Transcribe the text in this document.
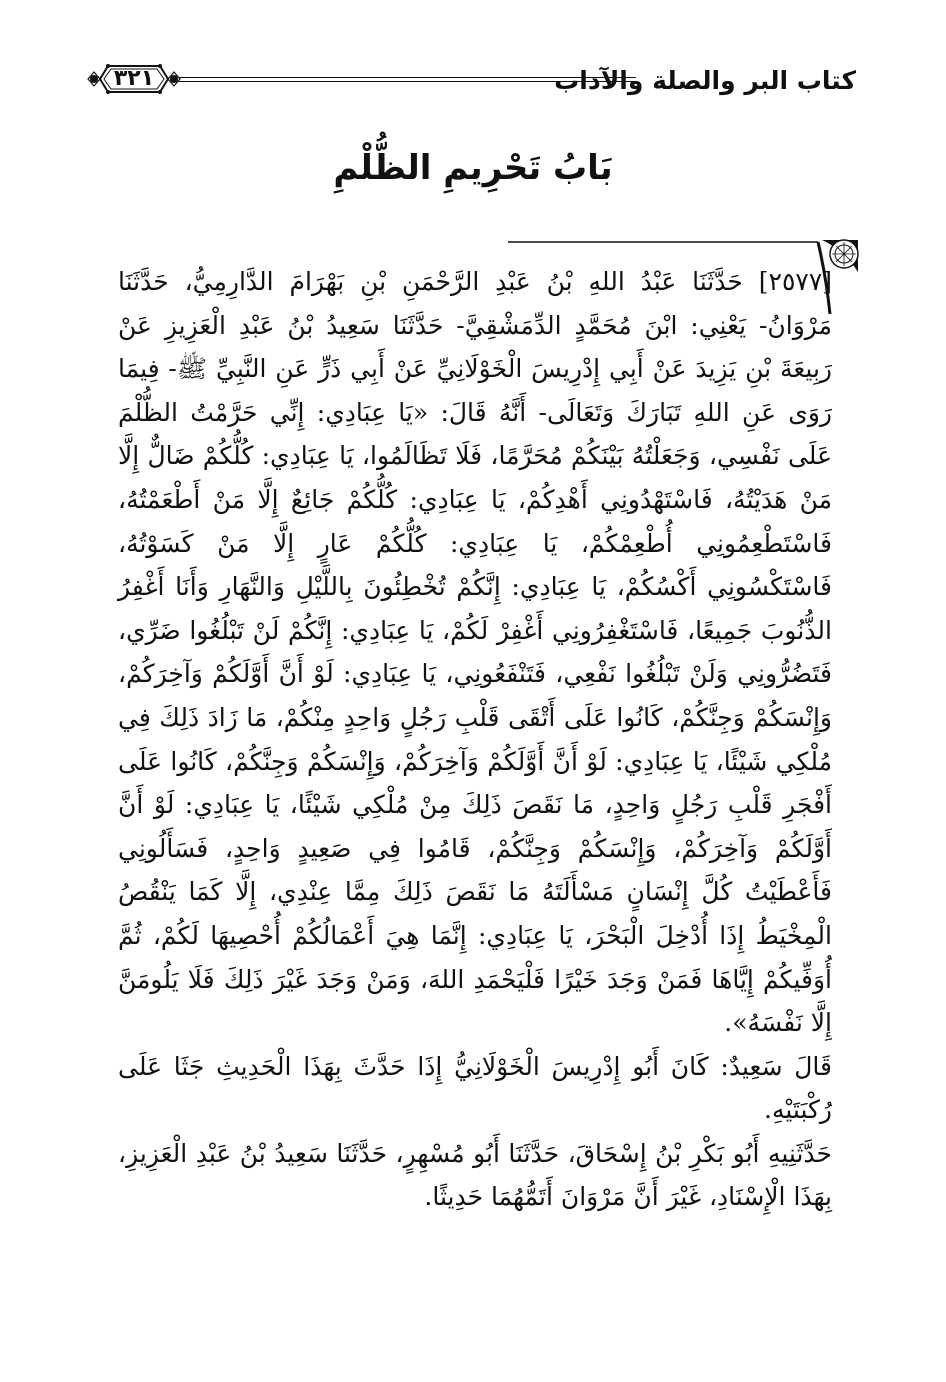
كتاب البر والصلة والآداب
٣٢١
بَابُ تَحْرِيمِ الظُّلْمِ

[٢٥٧٧] حَدَّثَنَا عَبْدُ اللهِ بْنُ عَبْدِ الرَّحْمَنِ بْنِ بَهْرَامَ الدَّارِمِيُّ، حَدَّثَنَا مَرْوَانُ- يَعْنِي: ابْنَ مُحَمَّدٍ الدِّمَشْقِيَّ- حَدَّثَنَا سَعِيدُ بْنُ عَبْدِ الْعَزِيزِ عَنْ رَبِيعَةَ بْنِ يَزِيدَ عَنْ أَبِي إِدْرِيسَ الْخَوْلَانِيِّ عَنْ أَبِي ذَرٍّ عَنِ النَّبِيِّ ﷺ- فِيمَا رَوَى عَنِ اللهِ تَبَارَكَ وَتَعَالَى- أَنَّهُ قَالَ: «يَا عِبَادِي: إِنِّي حَرَّمْتُ الظُّلْمَ عَلَى نَفْسِي، وَجَعَلْتُهُ بَيْنَكُمْ مُحَرَّمًا، فَلَا تَظَالَمُوا، يَا عِبَادِي: كُلُّكُمْ ضَالٌّ إِلَّا مَنْ هَدَيْتُهُ، فَاسْتَهْدُونِي أَهْدِكُمْ، يَا عِبَادِي: كُلُّكُمْ جَائِعٌ إِلَّا مَنْ أَطْعَمْتُهُ، فَاسْتَطْعِمُونِي أُطْعِمْكُمْ، يَا عِبَادِي: كُلُّكُمْ عَارٍ إِلَّا مَنْ كَسَوْتُهُ، فَاسْتَكْسُونِي أَكْسُكُمْ، يَا عِبَادِي: إِنَّكُمْ تُخْطِئُونَ بِاللَّيْلِ وَالنَّهَارِ وَأَنَا أَغْفِرُ الذُّنُوبَ جَمِيعًا، فَاسْتَغْفِرُونِي أَغْفِرْ لَكُمْ، يَا عِبَادِي: إِنَّكُمْ لَنْ تَبْلُغُوا ضَرِّي، فَتَضُرُّونِي وَلَنْ تَبْلُغُوا نَفْعِي، فَتَنْفَعُونِي، يَا عِبَادِي: لَوْ أَنَّ أَوَّلَكُمْ وَآخِرَكُمْ، وَإِنْسَكُمْ وَجِنَّكُمْ، كَانُوا عَلَى أَتْقَى قَلْبِ رَجُلٍ وَاحِدٍ مِنْكُمْ، مَا زَادَ ذَلِكَ فِي مُلْكِي شَيْئًا، يَا عِبَادِي: لَوْ أَنَّ أَوَّلَكُمْ وَآخِرَكُمْ، وَإِنْسَكُمْ وَجِنَّكُمْ، كَانُوا عَلَى أَفْجَرِ قَلْبِ رَجُلٍ وَاحِدٍ، مَا نَقَصَ ذَلِكَ مِنْ مُلْكِي شَيْئًا، يَا عِبَادِي: لَوْ أَنَّ أَوَّلَكُمْ وَآخِرَكُمْ، وَإِنْسَكُمْ وَجِنَّكُمْ، قَامُوا فِي صَعِيدٍ وَاحِدٍ، فَسَأَلُونِي فَأَعْطَيْتُ كُلَّ إِنْسَانٍ مَسْأَلَتَهُ مَا نَقَصَ ذَلِكَ مِمَّا عِنْدِي، إِلَّا كَمَا يَنْقُصُ الْمِخْيَطُ إِذَا أُدْخِلَ الْبَحْرَ، يَا عِبَادِي: إِنَّمَا هِيَ أَعْمَالُكُمْ أُحْصِيهَا لَكُمْ، ثُمَّ أُوَفِّيكُمْ إِيَّاهَا فَمَنْ وَجَدَ خَيْرًا فَلْيَحْمَدِ اللهَ، وَمَنْ وَجَدَ غَيْرَ ذَلِكَ فَلَا يَلُومَنَّ إِلَّا نَفْسَهُ».

قَالَ سَعِيدٌ: كَانَ أَبُو إِدْرِيسَ الْخَوْلَانِيُّ إِذَا حَدَّثَ بِهَذَا الْحَدِيثِ جَثَا عَلَى رُكْبَتَيْهِ.

حَدَّثَنِيهِ أَبُو بَكْرِ بْنُ إِسْحَاقَ، حَدَّثَنَا أَبُو مُسْهِرٍ، حَدَّثَنَا سَعِيدُ بْنُ عَبْدِ الْعَزِيزِ، بِهَذَا الْإِسْنَادِ، غَيْرَ أَنَّ مَرْوَانَ أَتَمُّهُمَا حَدِيثًا.
